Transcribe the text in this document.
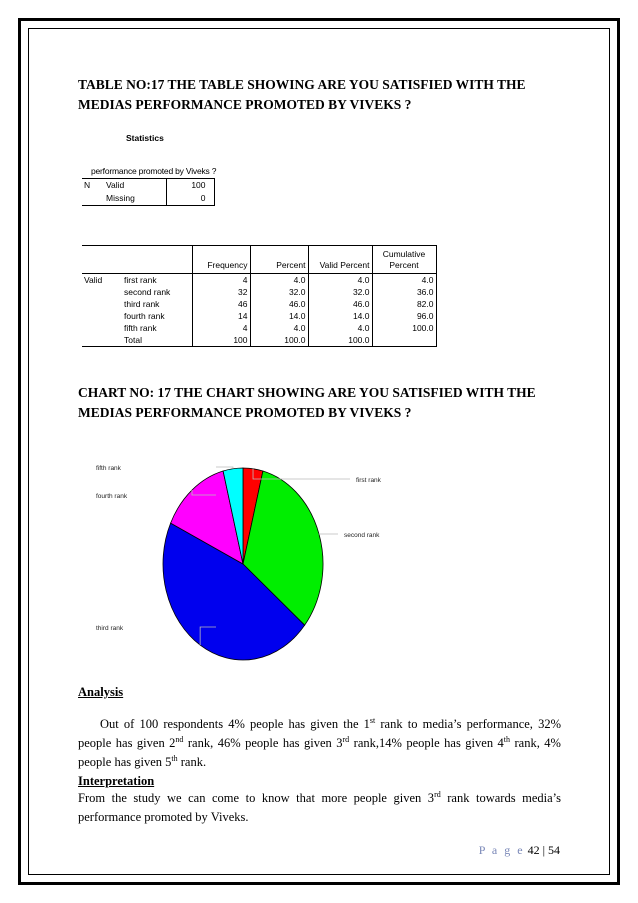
TABLE NO:17 THE TABLE SHOWING ARE YOU SATISFIED WITH THE MEDIAS PERFORMANCE PROMOTED BY VIVEKS ?
Statistics
performance promoted by Viveks ?
N	Valid	100
	Missing	0
		Frequency	Percent	Valid Percent	Cumulative Percent
Valid	first rank	4	4.0	4.0	4.0
	second rank	32	32.0	32.0	36.0
	third rank	46	46.0	46.0	82.0
	fourth rank	14	14.0	14.0	96.0
	fifth rank	4	4.0	4.0	100.0
	Total	100	100.0	100.0	
CHART NO: 17 THE CHART SHOWING ARE YOU SATISFIED WITH THE MEDIAS PERFORMANCE PROMOTED BY VIVEKS ?
first rank
second rank
third rank
fourth rank
fifth rank
Analysis
Out of 100 respondents 4% people has given the 1st rank to media’s performance, 32% people has given 2nd rank, 46% people has given 3rd rank,14% people has given 4th rank, 4% people has given 5th rank.
Interpretation
From the study we can come to know that more people given 3rd rank towards media’s performance promoted by Viveks.
P a g e 42 | 54
